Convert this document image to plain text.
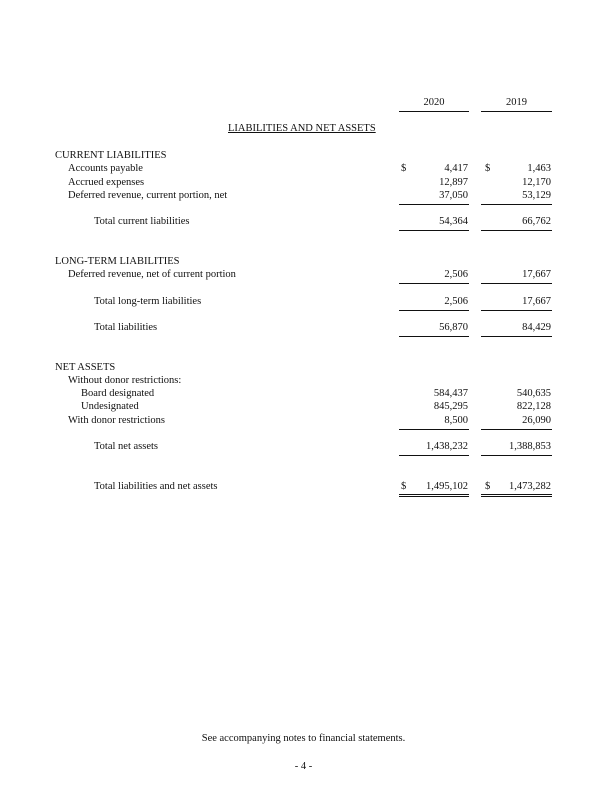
2020	2019
LIABILITIES AND NET ASSETS
CURRENT LIABILITIES
Accounts payable	$	4,417 $	1,463
Accrued expenses	12,897	12,170
Deferred revenue, current portion, net	37,050	53,129
Total current liabilities	54,364	66,762
LONG-TERM LIABILITIES
Deferred revenue, net of current portion	2,506	17,667
Total long-term liabilities	2,506	17,667
Total liabilities	56,870	84,429
NET ASSETS
Without donor restrictions:
Board designated	584,437	540,635
Undesignated	845,295	822,128
With donor restrictions	8,500	26,090
Total net assets	1,438,232	1,388,853
Total liabilities and net assets	$ 1,495,102 $ 1,473,282
See accompanying notes to financial statements.
- 4 -
